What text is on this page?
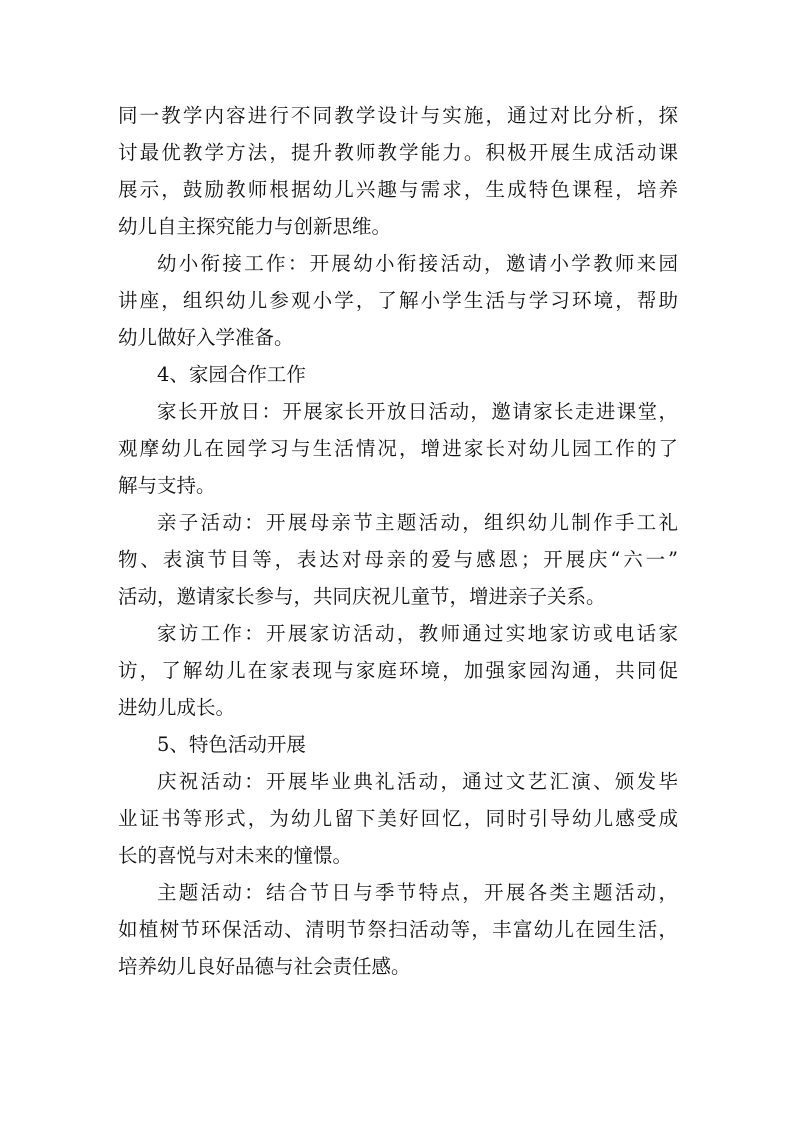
同一教学内容进行不同教学设计与实施，通过对比分析，探
讨最优教学方法，提升教师教学能力。积极开展生成活动课
展示，鼓励教师根据幼儿兴趣与需求，生成特色课程，培养
幼儿自主探究能力与创新思维。
幼小衔接工作：开展幼小衔接活动，邀请小学教师来园
讲座，组织幼儿参观小学，了解小学生活与学习环境，帮助
幼儿做好入学准备。
4、家园合作工作
家长开放日：开展家长开放日活动，邀请家长走进课堂，
观摩幼儿在园学习与生活情况，增进家长对幼儿园工作的了
解与支持。
亲子活动：开展母亲节主题活动，组织幼儿制作手工礼
物、表演节目等，表达对母亲的爱与感恩；开展庆“六一”
活动，邀请家长参与，共同庆祝儿童节，增进亲子关系。
家访工作：开展家访活动，教师通过实地家访或电话家
访，了解幼儿在家表现与家庭环境，加强家园沟通，共同促
进幼儿成长。
5、特色活动开展
庆祝活动：开展毕业典礼活动，通过文艺汇演、颁发毕
业证书等形式，为幼儿留下美好回忆，同时引导幼儿感受成
长的喜悦与对未来的憧憬。
主题活动：结合节日与季节特点，开展各类主题活动，
如植树节环保活动、清明节祭扫活动等，丰富幼儿在园生活，
培养幼儿良好品德与社会责任感。
